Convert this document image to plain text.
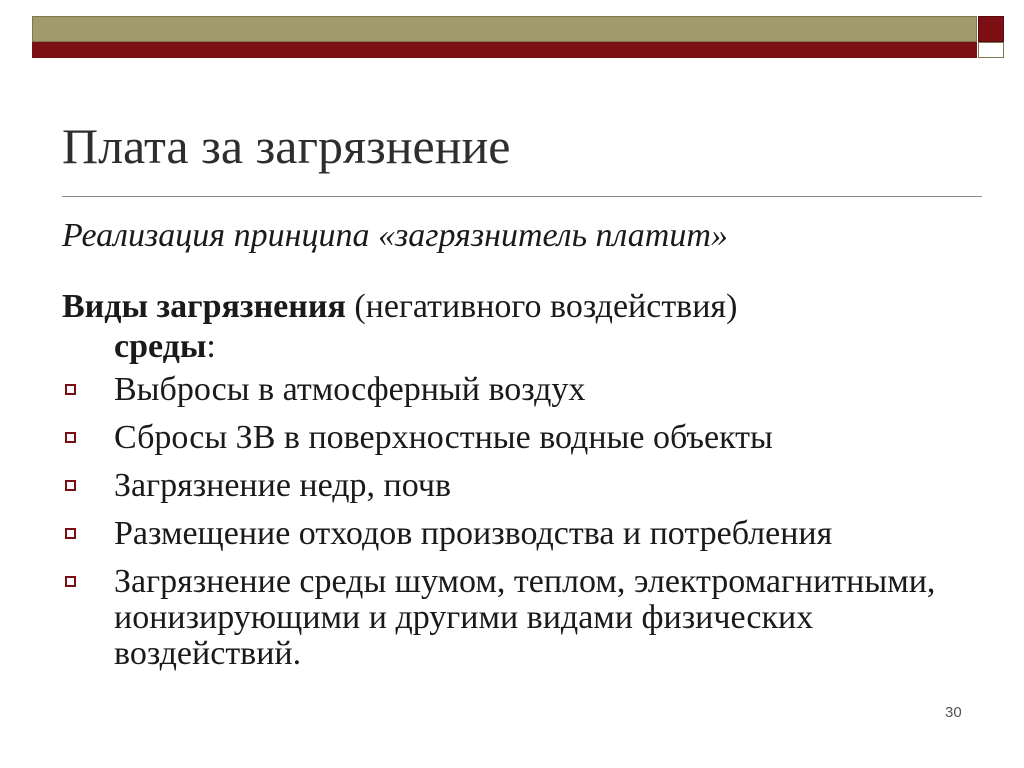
Плата за загрязнение
Реализация принципа «загрязнитель платит»
Виды загрязнения (негативного воздействия)
среды:
Выбросы в атмосферный воздух
Сбросы ЗВ в поверхностные водные объекты
Загрязнение недр, почв
Размещение отходов производства и потребления
Загрязнение среды шумом, теплом, электромагнитными, ионизирующими и другими видами физических воздействий.
30
